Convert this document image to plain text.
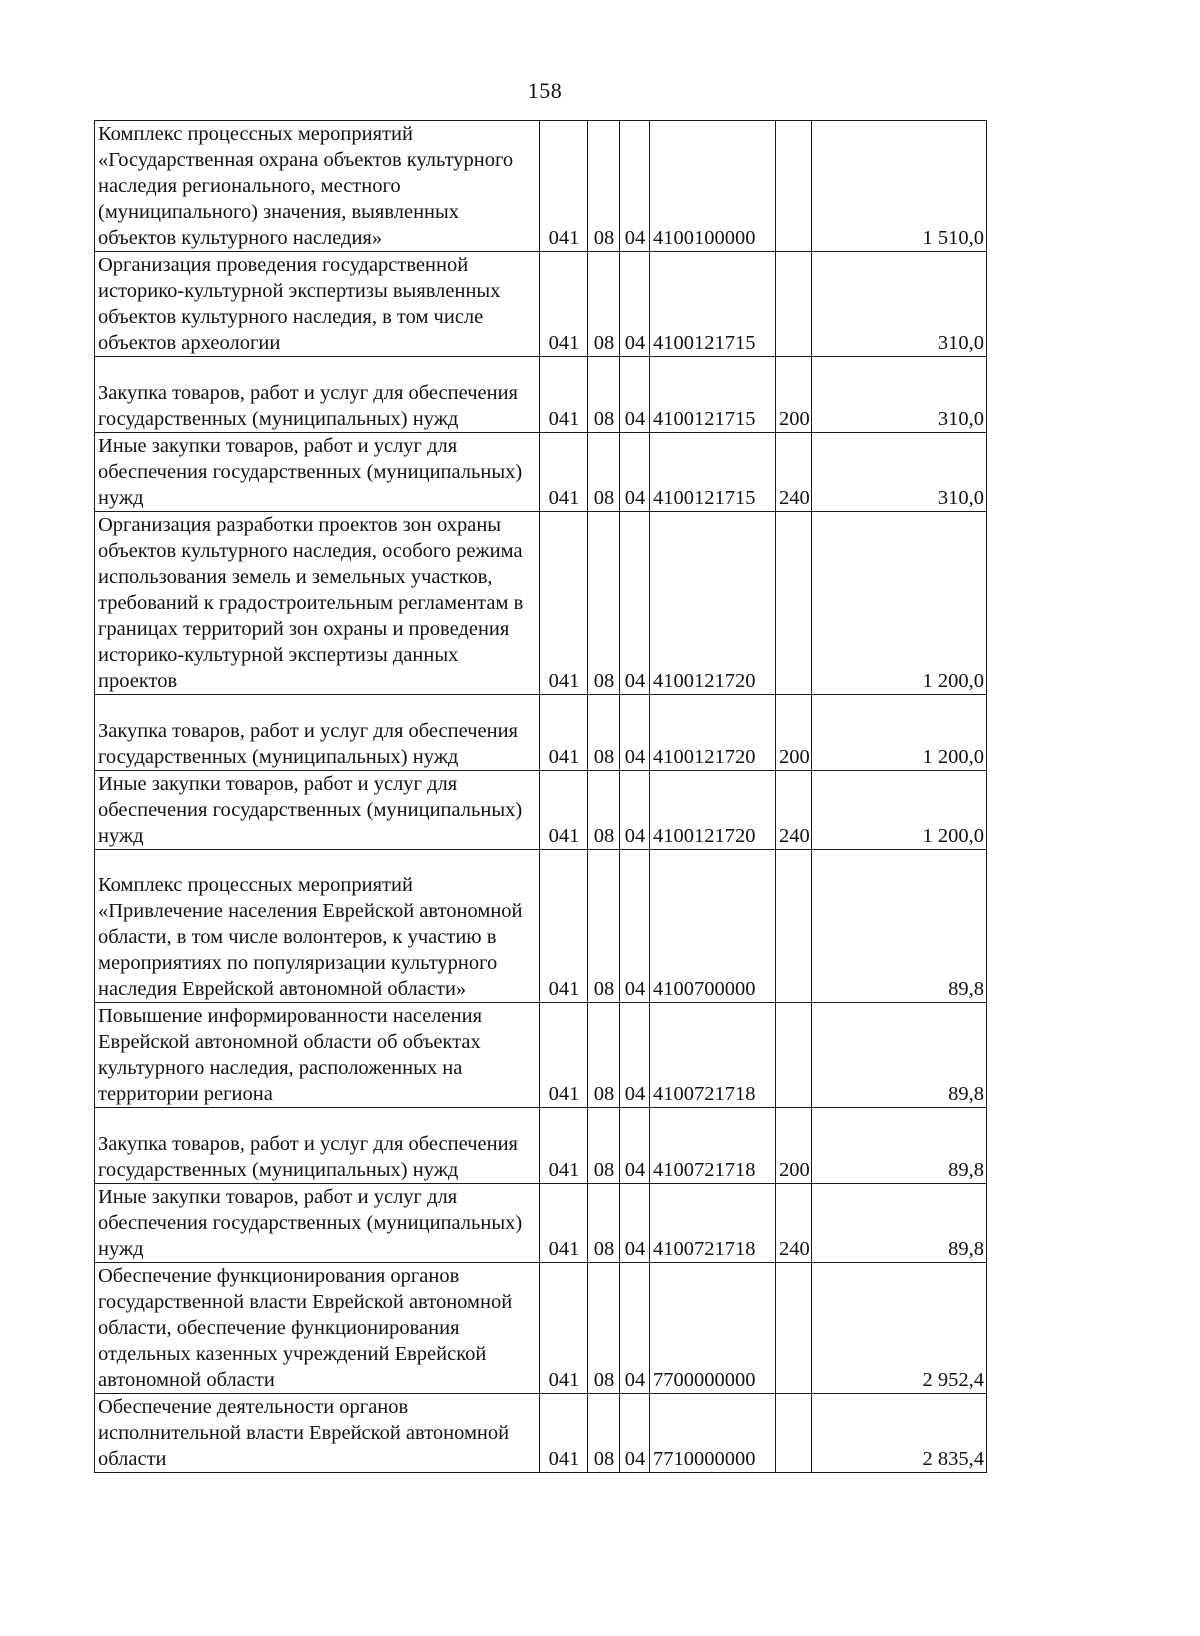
158
Комплекс процессных мероприятий «Государственная охрана объектов культурного наследия регионального, местного (муниципального) значения, выявленных объектов культурного наследия»	041	08	04	4100100000		1 510,0
Организация проведения государственной историко-культурной экспертизы выявленных объектов культурного наследия, в том числе объектов археологии	041	08	04	4100121715		310,0
Закупка товаров, работ и услуг для обеспечения государственных (муниципальных) нужд	041	08	04	4100121715	200	310,0
Иные закупки товаров, работ и услуг для обеспечения государственных (муниципальных) нужд	041	08	04	4100121715	240	310,0
Организация разработки проектов зон охраны объектов культурного наследия, особого режима использования земель и земельных участков, требований к градостроительным регламентам в границах территорий зон охраны и проведения историко-культурной экспертизы данных проектов	041	08	04	4100121720		1 200,0
Закупка товаров, работ и услуг для обеспечения государственных (муниципальных) нужд	041	08	04	4100121720	200	1 200,0
Иные закупки товаров, работ и услуг для обеспечения государственных (муниципальных) нужд	041	08	04	4100121720	240	1 200,0
Комплекс процессных мероприятий «Привлечение населения Еврейской автономной области, в том числе волонтеров, к участию в мероприятиях по популяризации культурного наследия Еврейской автономной области»	041	08	04	4100700000		89,8
Повышение информированности населения Еврейской автономной области об объектах культурного наследия, расположенных на территории региона	041	08	04	4100721718		89,8
Закупка товаров, работ и услуг для обеспечения государственных (муниципальных) нужд	041	08	04	4100721718	200	89,8
Иные закупки товаров, работ и услуг для обеспечения государственных (муниципальных) нужд	041	08	04	4100721718	240	89,8
Обеспечение функционирования органов государственной власти Еврейской автономной области, обеспечение функционирования отдельных казенных учреждений Еврейской автономной области	041	08	04	7700000000		2 952,4
Обеспечение деятельности органов исполнительной власти Еврейской автономной области	041	08	04	7710000000		2 835,4
